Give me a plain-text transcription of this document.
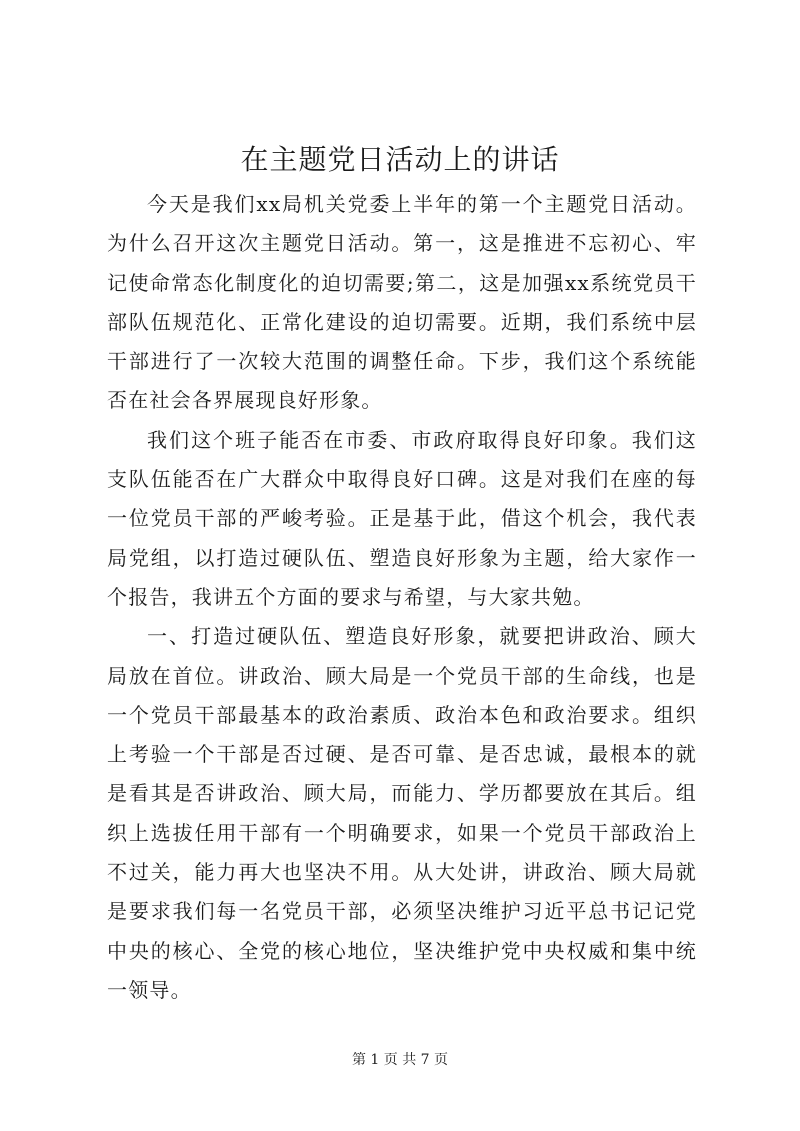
在主题党日活动上的讲话

今天是我们xx局机关党委上半年的第一个主题党日活动。为什么召开这次主题党日活动。第一，这是推进不忘初心、牢记使命常态化制度化的迫切需要;第二，这是加强xx系统党员干部队伍规范化、正常化建设的迫切需要。近期，我们系统中层干部进行了一次较大范围的调整任命。下步，我们这个系统能否在社会各界展现良好形象。

我们这个班子能否在市委、市政府取得良好印象。我们这支队伍能否在广大群众中取得良好口碑。这是对我们在座的每一位党员干部的严峻考验。正是基于此，借这个机会，我代表局党组，以打造过硬队伍、塑造良好形象为主题，给大家作一个报告，我讲五个方面的要求与希望，与大家共勉。

一、打造过硬队伍、塑造良好形象，就要把讲政治、顾大局放在首位。讲政治、顾大局是一个党员干部的生命线，也是一个党员干部最基本的政治素质、政治本色和政治要求。组织上考验一个干部是否过硬、是否可靠、是否忠诚，最根本的就是看其是否讲政治、顾大局，而能力、学历都要放在其后。组织上选拔任用干部有一个明确要求，如果一个党员干部政治上不过关，能力再大也坚决不用。从大处讲，讲政治、顾大局就是要求我们每一名党员干部，必须坚决维护习近平总书记记党中央的核心、全党的核心地位，坚决维护党中央权威和集中统一领导。

第 1 页 共 7 页
